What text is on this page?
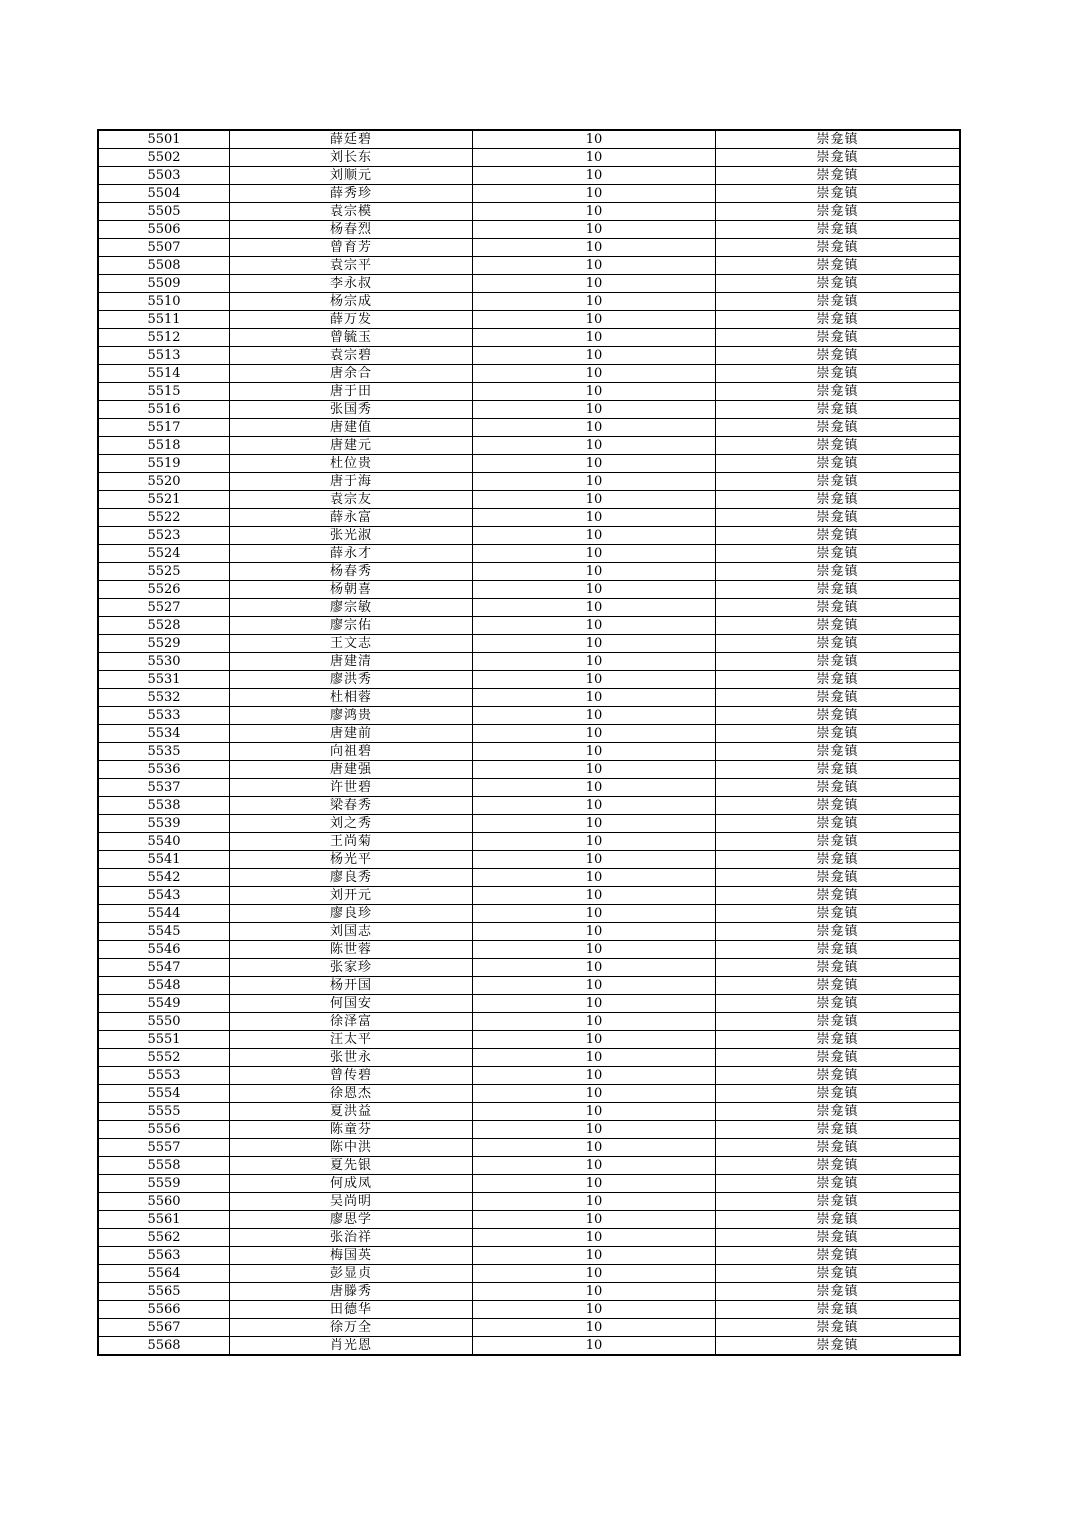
5501	薛廷碧	10	崇龛镇
5502	刘长东	10	崇龛镇
5503	刘顺元	10	崇龛镇
5504	薛秀珍	10	崇龛镇
5505	袁宗模	10	崇龛镇
5506	杨春烈	10	崇龛镇
5507	曾育芳	10	崇龛镇
5508	袁宗平	10	崇龛镇
5509	李永叔	10	崇龛镇
5510	杨宗成	10	崇龛镇
5511	薛万发	10	崇龛镇
5512	曾毓玉	10	崇龛镇
5513	袁宗碧	10	崇龛镇
5514	唐余合	10	崇龛镇
5515	唐于田	10	崇龛镇
5516	张国秀	10	崇龛镇
5517	唐建值	10	崇龛镇
5518	唐建元	10	崇龛镇
5519	杜位贵	10	崇龛镇
5520	唐于海	10	崇龛镇
5521	袁宗友	10	崇龛镇
5522	薛永富	10	崇龛镇
5523	张光淑	10	崇龛镇
5524	薛永才	10	崇龛镇
5525	杨春秀	10	崇龛镇
5526	杨朝喜	10	崇龛镇
5527	廖宗敏	10	崇龛镇
5528	廖宗佑	10	崇龛镇
5529	王文志	10	崇龛镇
5530	唐建清	10	崇龛镇
5531	廖洪秀	10	崇龛镇
5532	杜相蓉	10	崇龛镇
5533	廖鸿贵	10	崇龛镇
5534	唐建前	10	崇龛镇
5535	向祖碧	10	崇龛镇
5536	唐建强	10	崇龛镇
5537	许世碧	10	崇龛镇
5538	梁春秀	10	崇龛镇
5539	刘之秀	10	崇龛镇
5540	王尚菊	10	崇龛镇
5541	杨光平	10	崇龛镇
5542	廖良秀	10	崇龛镇
5543	刘开元	10	崇龛镇
5544	廖良珍	10	崇龛镇
5545	刘国志	10	崇龛镇
5546	陈世蓉	10	崇龛镇
5547	张家珍	10	崇龛镇
5548	杨开国	10	崇龛镇
5549	何国安	10	崇龛镇
5550	徐泽富	10	崇龛镇
5551	汪太平	10	崇龛镇
5552	张世永	10	崇龛镇
5553	曾传碧	10	崇龛镇
5554	徐恩杰	10	崇龛镇
5555	夏洪益	10	崇龛镇
5556	陈童芬	10	崇龛镇
5557	陈中洪	10	崇龛镇
5558	夏先银	10	崇龛镇
5559	何成凤	10	崇龛镇
5560	吴尚明	10	崇龛镇
5561	廖思学	10	崇龛镇
5562	张治祥	10	崇龛镇
5563	梅国英	10	崇龛镇
5564	彭显贞	10	崇龛镇
5565	唐滕秀	10	崇龛镇
5566	田德华	10	崇龛镇
5567	徐万全	10	崇龛镇
5568	肖光恩	10	崇龛镇
